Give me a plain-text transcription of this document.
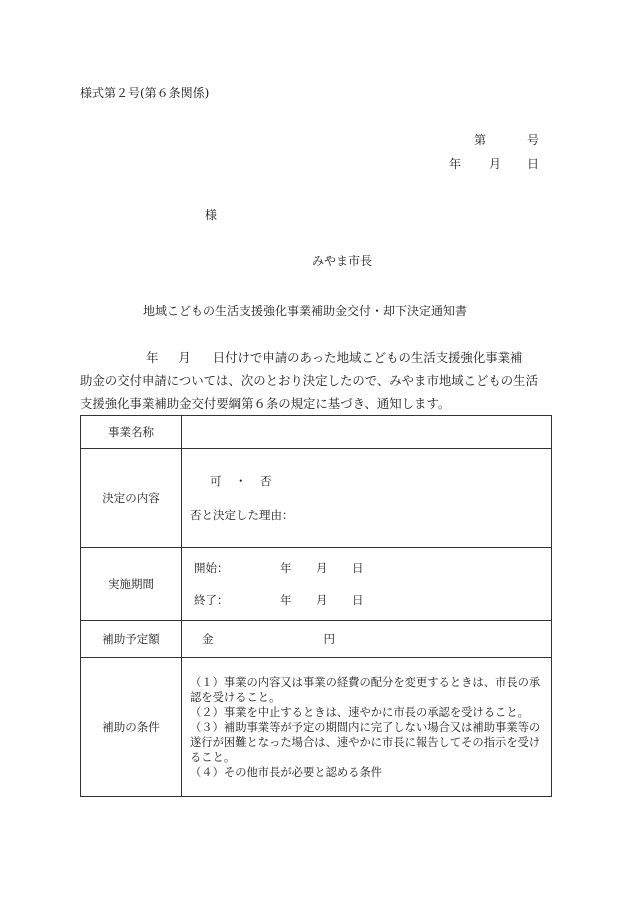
様式第２号(第６条関係)
第	号
年 月 日
様
みやま市長
地域こどもの生活支援強化事業補助金交付・却下決定通知書
年 月 日付けで申請のあった地域こどもの生活支援強化事業補
助金の交付申請については、次のとおり決定したので、みやま市地域こどもの生活
支援強化事業補助金交付要綱第６条の規定に基づき、通知します。
事業名称	
決定の内容	可　・　否
否と決定した理由：

実施期間	開始： 年 月 日
終了： 年 月 日

補助予定額	金 円

補助の条件	（１）事業の内容又は事業の経費の配分を変更するときは、市長の承認を受けること。
（２）事業を中止するときは、速やかに市長の承認を受けること。
（３）補助事業等が予定の期間内に完了しない場合又は補助事業等の遂行が困難となった場合は、速やかに市長に報告してその指示を受けること。
（４）その他市長が必要と認める条件
